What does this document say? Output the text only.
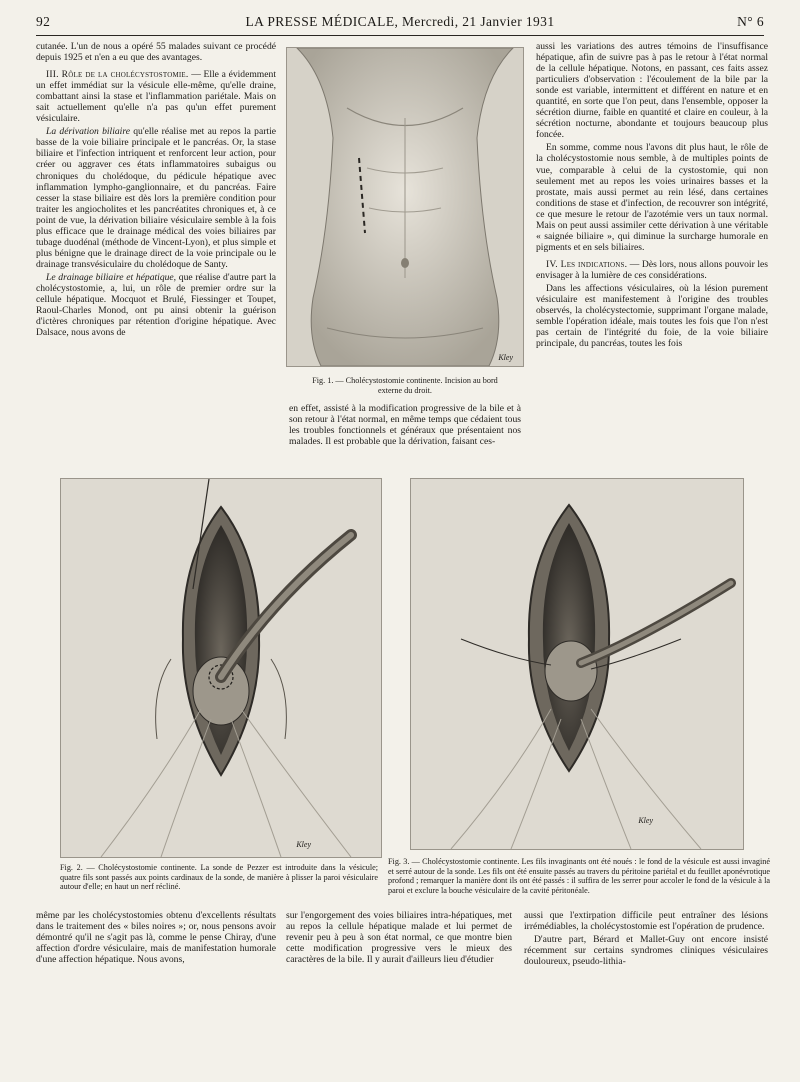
92	LA PRESSE MÉDICALE, Mercredi, 21 Janvier 1931	N° 6

cutanée. L'un de nous a opéré 55 malades suivant ce procédé depuis 1925 et n'en a eu que des avantages.

III. Rôle de la cholécystostomie. — Elle a évidemment un effet immédiat sur la vésicule elle-même, qu'elle draine, combattant ainsi la stase et l'inflammation pariétale. Mais on sait actuellement qu'elle n'a pas qu'un effet purement vésiculaire.

La dérivation biliaire qu'elle réalise met au repos la partie basse de la voie biliaire principale et le pancréas. Or, la stase biliaire et l'infection intriquent et renforcent leur action, pour créer ou aggraver ces états inflammatoires subaigus ou chroniques du cholédoque, du pédicule hépatique avec inflammation lympho-ganglionnaire, et du pancréas. Faire cesser la stase biliaire est dès lors la première condition pour traiter les angiocholites et les pancréatites chroniques et, à ce point de vue, la dérivation biliaire vésiculaire semble à la fois plus efficace que le drainage médical des voies biliaires par tubage duodénal (méthode de Vincent-Lyon), et plus simple et plus bénigne que le drainage direct de la voie principale ou le drainage transvésiculaire du cholédoque de Santy.

Le drainage biliaire et hépatique, que réalise d'autre part la cholécystostomie, a, lui, un rôle de premier ordre sur la cellule hépatique. Mocquot et Brulé, Fiessinger et Toupet, Raoul-Charles Monod, ont pu ainsi obtenir la guérison d'ictères chroniques par rétention d'origine hépatique. Avec Dalsace, nous avons de

Kley
Fig. 1. — Cholécystostomie continente. Incision au bord externe du droit.

en effet, assisté à la modification progressive de la bile et à son retour à l'état normal, en même temps que cédaient tous les troubles fonctionnels et généraux que présentaient nos malades. Il est probable que la dérivation, faisant ces-

aussi les variations des autres témoins de l'insuffisance hépatique, afin de suivre pas à pas le retour à l'état normal de la cellule hépatique. Notons, en passant, ces faits assez particuliers d'observation : l'écoulement de la bile par la sonde est variable, intermittent et différent en nature et en quantité, en sorte que l'on peut, dans l'ensemble, opposer la sécrétion diurne, faible en quantité et claire en couleur, à la sécrétion nocturne, abondante et toujours beaucoup plus foncée.

En somme, comme nous l'avons dit plus haut, le rôle de la cholécystostomie nous semble, à de multiples points de vue, comparable à celui de la cystostomie, qui non seulement met au repos les voies urinaires basses et la prostate, mais aussi permet au rein lésé, dans certaines conditions de stase et d'infection, de recouvrer son intégrité, ce que mesure le retour de l'azotémie vers un taux normal. Mais on peut aussi assimiler cette dérivation à une véritable « saignée biliaire », qui diminue la surcharge humorale en pigments et en sels biliaires.

IV. Les indications. — Dès lors, nous allons pouvoir les envisager à la lumière de ces considérations.

Dans les affections vésiculaires, où la lésion purement vésiculaire est manifestement à l'origine des troubles observés, la cholécystectomie, supprimant l'organe malade, semble l'opération idéale, mais toutes les fois que l'on n'est pas certain de l'intégrité du foie, de la voie biliaire principale, du pancréas, toutes les fois

Kley
Fig. 2. — Cholécystostomie continente. La sonde de Pezzer est introduite dans la vésicule; quatre fils sont passés aux points cardinaux de la sonde, de manière à plisser la paroi vésiculaire autour d'elle; en haut un nerf récliné.
Kley
Fig. 3. — Cholécystostomie continente. Les fils invaginants ont été noués : le fond de la vésicule est aussi invaginé et serré autour de la sonde. Les fils ont été ensuite passés au travers du péritoine pariétal et du feuillet aponévrotique profond ; remarquer la manière dont ils ont été passés : il suffira de les serrer pour accoler le fond de la vésicule à la paroi et exclure la bouche vésiculaire de la cavité péritonéale.

même par les cholécystostomies obtenu d'excellents résultats dans le traitement des « biles noires »; or, nous pensons avoir démontré qu'il ne s'agit pas là, comme le pense Chiray, d'une affection d'ordre vésiculaire, mais de manifestation humorale d'une affection hépatique. Nous avons,

sur l'engorgement des voies biliaires intra-hépatiques, met au repos la cellule hépatique malade et lui permet de revenir peu à peu à son état normal, ce que montre bien cette modification progressive vers le mieux des caractères de la bile. Il y aurait d'ailleurs lieu d'étudier

aussi que l'extirpation difficile peut entraîner des lésions irrémédiables, la cholécystostomie est l'opération de prudence.

D'autre part, Bérard et Mallet-Guy ont encore insisté récemment sur certains syndromes cliniques vésiculaires douloureux, pseudo-lithia-
